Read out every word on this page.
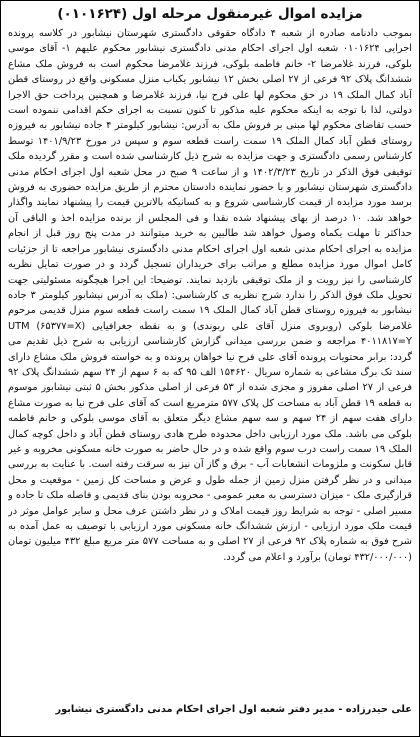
مزایده اموال غیرمنقول مرحله اول (۰۱۰۱۶۲۴)

بموجب دادنامه صادره از شعبه ۴ دادگاه حقوقی دادگستری شهرستان نیشابور در کلاسه پرونده اجرایی ۰۱۰۱۶۲۴ شعبه اول اجرای احکام مدنی دادگستری نیشابور محکوم علیهم ۱- آقای موسی بلوکی، فرزند غلامرضا ۲- خانم فاطمه بلوکی، فرزند غلامرضا محکوم است به فروش ملک مشاع ششدانگ پلاک ۹۲ فرعی از ۲۷ اصلی بخش ۱۲ نیشابور یکباب منزل مسکونی واقع در روستای قطن آباد کمال الملک ۱۹ در حق محکوم لها علی فرح نیا، فرزند غلامرضا و همچنین پرداخت حق الاجرا دولتی، لذا با توجه به اینکه محکوم علیه مذکور تا کنون نسبت به اجرای حکم اقدامی ننموده است حسب تقاضای محکوم لها مبنی بر فروش ملک به آدرس: نیشابور کیلومتر ۴ جاده نیشابور به فیروزه روستای قطن آباد کمال الملک ۱۹ سمت راست قطعه سوم و سپس در مورخ ۱۴۰۱/۹/۲۳ توسط کارشناس رسمی دادگستری و جهت مزایده به شرح ذیل کارشناسی شده است و مقرر گردیده ملک توقیفی فوق الذکر در تاریخ ۱۴۰۲/۳/۲۳ و از ساعت ۹ صبح در محل شعبه اول اجرای احکام مدنی دادگستری شهرستان نیشابور و با حضور نماینده دادستان محترم از طریق مزایده حضوری به فروش برسد مورد مزایده از قیمت کارشناسی شروع و به کسانیکه بالاترین قیمت را پیشنهاد نمایند واگذار خواهد شد. ۱۰ درصد از بهای پیشنهاد شده نقدا و فی المجلس از برنده مزایده اخذ و الباقی آن حداکثر تا مهلت یکماه وصول خواهد شد طالبین به خرید میتوانند در مدت پنج روز قبل از انجام مزایده به اجرای احکام مدنی شعبه اول اجرای احکام مدنی دادگستری نیشابور مراجعه تا از جزئیات کامل اموال مورد مزایده مطلع و مراتب برای خریداران تسجیل گردد و در صورت تمایل نظریه کارشناسی را نیز رویت و از ملک توقیفی بازدید نمایند. توضیحا: این اجرا هیچگونه مسئولیتی جهت تحویل ملک فوق الذکر را ندارد شرح نظریه ی کارشناسی: (ملک به آدرس نیشابور کیلومتر ۳ جاده نیشابور به فیروزه روستای قطن آباد کمال الملک ۱۹ سمت راست قطعه سوم منزل قدیمی مرحوم غلامرضا بلوکی (روبروی منزل آقای علی ربوندی) و به نقطه جغرافیایی (UTM (۶۵۳۷۷=X ۴۰۱۱۸۱۷=Y مراجعه و ضمن بررسی میدانی گزارش کارشناسی ارزیابی به شرح ذیل تقدیم می گردد: برابر محتویات پرونده آقای علی فرح نیا خواهان پرونده و به خواسته فروش ملک مشاع دارای سند تک برگ مشاعی به شماره سریال ۱۵۴۶۲۰ الف ۹۵ که به ۶ سهم از ۲۴ سهم ششدانگ پلاک ۹۲ فرعی از ۲۷ اصلی مفروز و مجزی شده از ۵۳ فرعی از اصلی مذکور بخش ۵ ثبتی نیشابور موسوم به قطعه ۱۹ قطن آباد به مساحت کل پلاک ۵۷۷ مترمربع است که آقای علی فرح نیا به صورت مشاع دارای هفت سهم از ۲۴ سهم و سه سهم مشاع دیگر متعلق به آقای موسی بلوکی و خانم فاطمه بلوکی می باشد. ملک مورد ارزیابی داخل محدوده طرح هادی روستای قطن آباد و داخل کوچه کمال الملک ۱۹ سمت راست درب سوم واقع شده و در حال حاضر به صورت خانه مسکونی مخروبه و غیر قابل سکونت و ملزومات انشعابات آب - برق و گاز آن نیز به سرقت رفته است. با عنایت به بررسی میدانی و در نظر گرفتن منزل زمین از جمله طول و عرض و مساحت کل زمین - موقعیت و محل قرارگیری ملک - میزان دسترسی به معبر عمومی - محروبه بودن بنای قدیمی و فاصله ملک تا جاده و مسیر اصلی - توجه به شرایط روز قیمت املاک و در نظر داشتن عرف محل و سایر عوامل موثر در قیمت ملک مورد ارزیابی - ارزش ششدانگ خانه مسکونی مورد ارزیابی با توصیف به عمل آمده به شرح فوق به شماره پلاک ۹۲ فرعی از ۲۷ اصلی و به مساحت ۵۷۷ متر مربع مبلغ ۴۳۲ میلیون تومان (۴۳۲/۰۰۰/۰۰۰ تومان) برآورد و اعلام می گردد.

علی حیدرزاده - مدیر دفتر شعبه اول اجرای احکام مدنی دادگستری نیشابور
